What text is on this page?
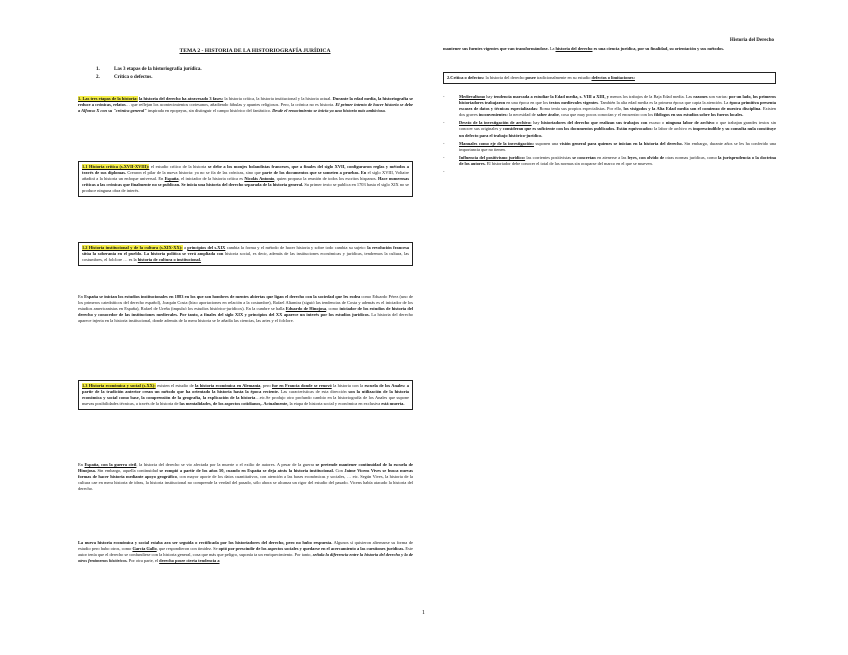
Historia del Derecho
TEMA 2 - HISTORIA DE LA HISTORIOGRAFÍA JURÍDICA
1.	Las 3 etapas de la historiografía jurídica.
2.	Crítica o defectos.

1. Las tres etapas de la historia: la historia del derecho ha atravesado 3 fases: la historia crítica, la historia institucional y la historia actual. Durante la edad media, la historiografía se reduce a crónicas, relatos… que reflejan los acontecimientos cortesanos, añadiendo fábulas y apuntes religiosos. Pero, la crónica no es historia. El primer intento de hacer historia se debe a Alfonso X con su "crónica general" inspirada en epopeyas, sin distinguir el campo histórico del fantástico. Desde el renacimiento se inicia ya una historia más ambiciosa.

1.1 Historia crítica (s.XVII-XVIII): el estudio crítico de la historia se debe a los monjes bolandistas franceses, que a finales del siglo XVII, configuraron reglas y métodos a través de sus diplomas. Crearon el pilar de la nueva historia: ya no se fía de las crónicas, sino que parte de los documentos que se someten a pruebas. En el siglo XVIII, Voltaire añadirá a la historia un enfoque universal. En España, el iniciador de la historia crítica es Nicolás Antonio, quien propuso la reunión de todos los escritos hispanos. Hace numerosas críticas a las crónicas que finalmente no se publican. Se inicia una historia del derecho separada de la historia general. Su primer texto se publica en 1703 hasta el siglo XIX no se produce ninguna obra de interés.

1.2 Historia institucional y de la cultura (s.XIX-XX): a principios del s.XIX cambia la forma y el método de hacer historia y sobre todo cambia su sujeto: la revolución francesa sitúa la soberanía en el pueblo. La historia política se verá ampliada con historia social, es decir, además de las instituciones económicas y jurídicas, tendremos la cultura, las costumbres, el folclore … es la historia de cultura o institucional.

En España se inician los estudios institucionales en 1883 en los que son hombres de mentes abiertas que ligan el derecho con la sociedad que les rodea como Eduardo Pérez (uno de los primeros catedráticos del derecho español), Joaquín Costa (hizo aportaciones en relación a la costumbre), Rafael Altamira (siguió las tendencias de Costa y además es el iniciador de los estudios americanistas en España), Rafael de Ureña (impulsó los estudios histórico-jurídicos). En la cumbre se halla Eduardo de Hinojosa, como iniciador de los estudios de historia del derecho y conocedor de las instituciones medievales. Por tanto, a finales del siglo XIX y principios del XX aparece un interés por los estudios jurídicos. La historia del derecho aparece injerta en la historia institucional, donde además de la mera historia se le añadía las ciencias, las artes y el folclore.

1.3 Historia económica y social (s.XX): existen el estudio de la historia económica en Alemania, pero fue en Francia donde se renovó la historia con la escuela de los Anales: a partir de la tradición anterior crean un método que ha orientado la historia hasta la época reciente. Las características de esta dirección son la utilización de la historia económica y social como base, la comprensión de la geografía, la explicación de la historia…etc.Se produjo otro profundo cambio en la historiografía de los Anales que supone nuevas posibilidades técnicas, a través de la historia de las mentalidades, de los aspectos cotidianos,. Actualmente, la etapa de historia social y económica en exclusiva está muerta.

En España, con la guerra civil, la historia del derecho se vio afectada por la muerte o el exilio de autores. A pesar de la guerra se pretende mantener continuidad de la escuela de Hinojosa. Sin embargo, aquella continuidad se rompió a partir de los años 50, cuando en España se deja atrás la historia institucional. Con Jaime Vicens Vives se busca nuevas formas de hacer historia mediante apoyo geográfico, con mayor aporte de los datos cuantitativos, con atención a las bases económicas y sociales, … etc. Según Vives, la historia de la cultura cae en mera historia de ideas, la historia institucional no comprende la verdad del pasado, sólo ahora se alcanza un rigor del estudio del pasado. Vicens había atacado la historia del derecho.

La nueva historia económica y social estaba ara ser seguida o rectificada por los historiadores del derecho, pero no hubo respuesta. Algunos sí quisieron alternarse su forma de estudio pero hubo otros, como García Gallo, que respondieron con timidez. Se optó por prescindir de los aspectos sociales y quedarse en el acercamiento a las cuestiones jurídicas. Este autor tenía que el derecho se confundiese con la historia general, cosa que más que peligro, suponía ta un enriquecimiento. Por tanto, señala la diferencia entre la historia del derecho y la de otros fenómenos históricos. Por otra parte, el derecho posee cierta tendencia a

1

mantener sus fuentes vigentes que van transformándose. La historia del derecho es una ciencia jurídica, por su finalidad, su orientación y sus métodos.

2.Crítica o defectos: la historia del derecho posee tradicionalmente en su estudio defectos o limitaciones:

- Medievalismo hay tendencia marcada a estudiar la Edad media, s. VIII a XIII, y menos los trabajos de la Baja Edad media. Las razones son varias: por un lado, los primeros historiadores trabajaron en una época en que los textos medievales vigentes. También la alta edad media es la primera época que capta la atención. La época primitiva presenta escasez de datos y técnicas especializadas: Roma tenía sus propios especialistas. Por ello, los visigodos y la Alta Edad media son el comienzo de nuestra disciplina. Existen dos graves inconvenientes: la necesidad de saber árabe, cosa que muy pocos conocían y el encuentro con los filólogos en sus estudios sobre los fueros locales.
- Desvío de la investigación de archivo: hay historiadores del derecho que realizan sus trabajos con escaso o ninguna labor de archivo o que trabajan grandes textos sin conocer sus originales y consideran que es suficiente con los documentos publicados. Están equivocados: la labor de archivo es imprescindible y su consulta nula constituye un defecto para el trabajo histórico-jurídico.
- Manuales como eje de la investigación: suponen una visión general para quienes se inician en la historia del derecho. Sin embargo, durante años se les ha conferido una importancia que no tienen.
- Influencia del positivismo jurídico: las corrientes positivistas se concretan en atenerse a las leyes, con olvido de otras normas jurídicas, como la jurisprudencia o la doctrina de los autores. El historiador debe conocer el total de las normas sin ocuparse del marco en el que se mueven.
